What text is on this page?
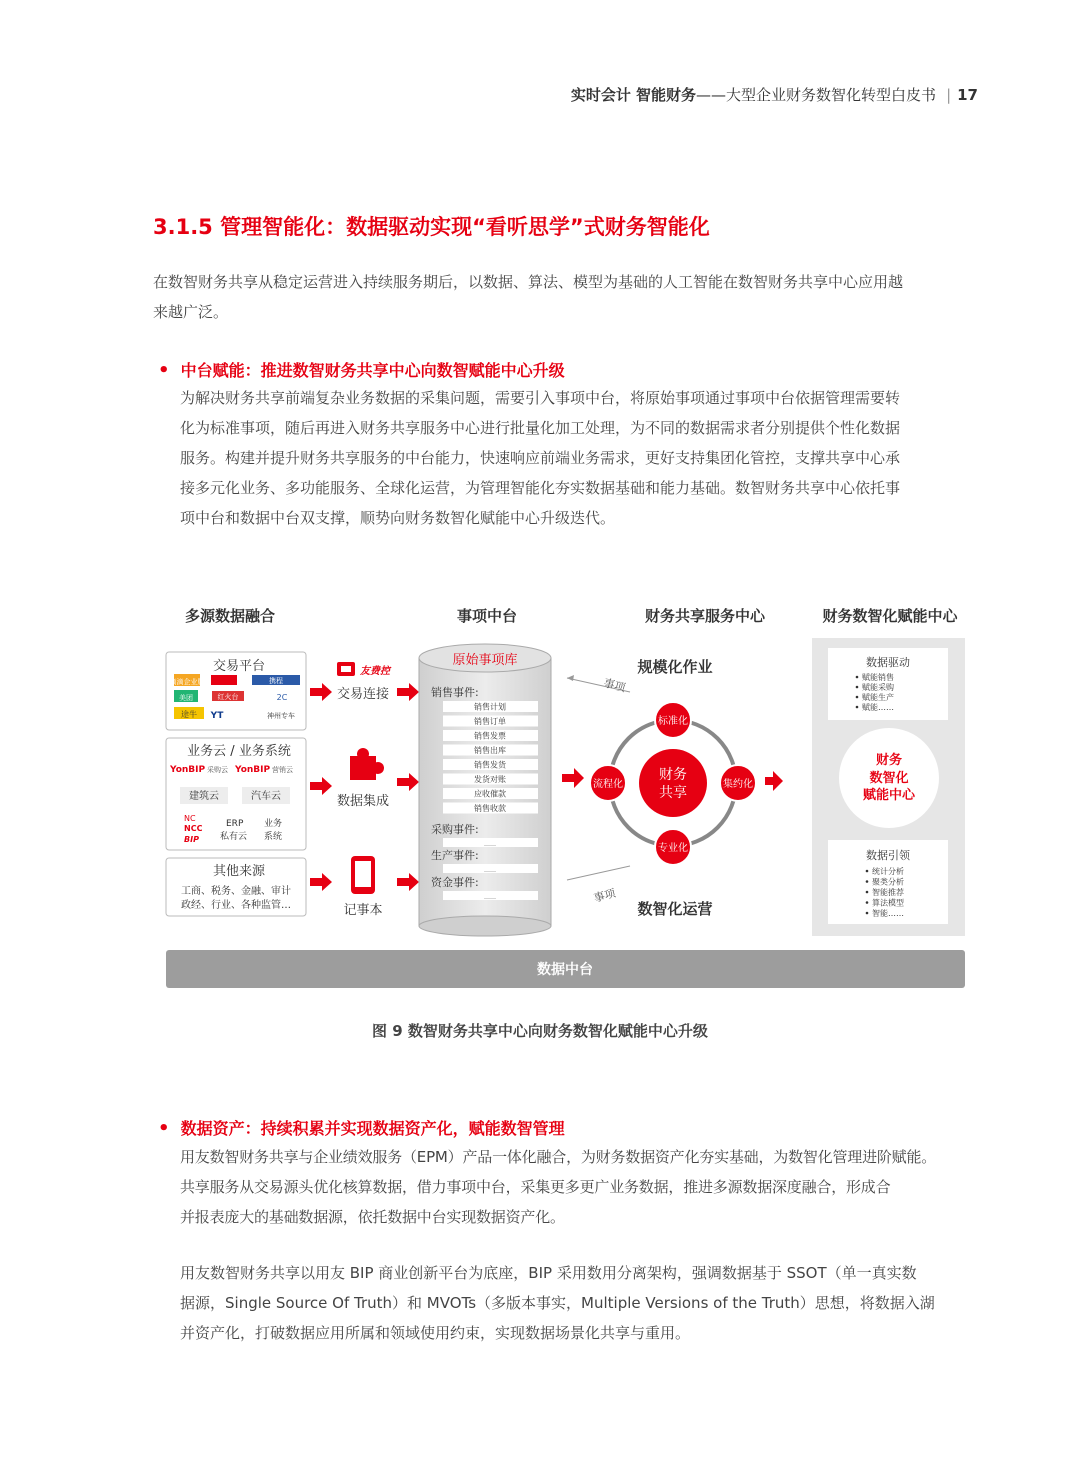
实时会计 智能财务——大型企业财务数智化转型白皮书 | 17
3.1.5 管理智能化：数据驱动实现“看听思学”式财务智能化
在数智财务共享从稳定运营进入持续服务期后，以数据、算法、模型为基础的人工智能在数智财务共享中心应用越
来越广泛。
• 中台赋能：推进数智财务共享中心向数智赋能中心升级
为解决财务共享前端复杂业务数据的采集问题，需要引入事项中台，将原始事项通过事项中台依据管理需要转
化为标准事项，随后再进入财务共享服务中心进行批量化加工处理，为不同的数据需求者分别提供个性化数据
服务。构建并提升财务共享服务的中台能力，快速响应前端业务需求，更好支持集团化管控，支撑共享中心承
接多元化业务、多功能服务、全球化运营，为管理智能化夯实数据基础和能力基础。数智财务共享中心依托事
项中台和数据中台双支撑，顺势向财务数智化赋能中心升级迭代。
多源数据融合	事项中台	财务共享服务中心	财务数智化赋能中心
交易平台
滴滴企业版	携程
美团	红火台	2C
途牛 YT	神州专车
业务云 / 业务系统
YonBIP 采购云 YonBIP 营销云
建筑云	汽车云
NC
NCC
BIP
ERP
私有云
业务
系统
其他来源
工商、税务、金融、审计
政经、行业、各种监管…
友费控
交易连接
数据集成
记事本
原始事项库
销售事件:
销售计划
销售订单
销售发票
销售出库
销售发货
发货对账
应收催款
销售收款
采购事件:
……
生产事件:
……
资金事件:
……
事项
事项
规模化作业
数智化运营
财务
共享
标准化
集约化
专业化
流程化
数据驱动
赋能销售
赋能采购
赋能生产
赋能……
财务
数智化
赋能中心
数据引领
统计分析
聚类分析
智能推荐
算法模型
智能……
数据中台
图 9 数智财务共享中心向财务数智化赋能中心升级
• 数据资产：持续积累并实现数据资产化，赋能数智管理
用友数智财务共享与企业绩效服务（EPM）产品一体化融合，为财务数据资产化夯实基础，为数智化管理进阶赋能。
共享服务从交易源头优化核算数据，借力事项中台，采集更多更广业务数据，推进多源数据深度融合，形成合
并报表庞大的基础数据源，依托数据中台实现数据资产化。
用友数智财务共享以用友 BIP 商业创新平台为底座，BIP 采用数用分离架构，强调数据基于 SSOT（单一真实数
据源，Single Source Of Truth）和 MVOTs（多版本事实，Multiple Versions of the Truth）思想，将数据入湖
并资产化，打破数据应用所属和领域使用约束，实现数据场景化共享与重用。
